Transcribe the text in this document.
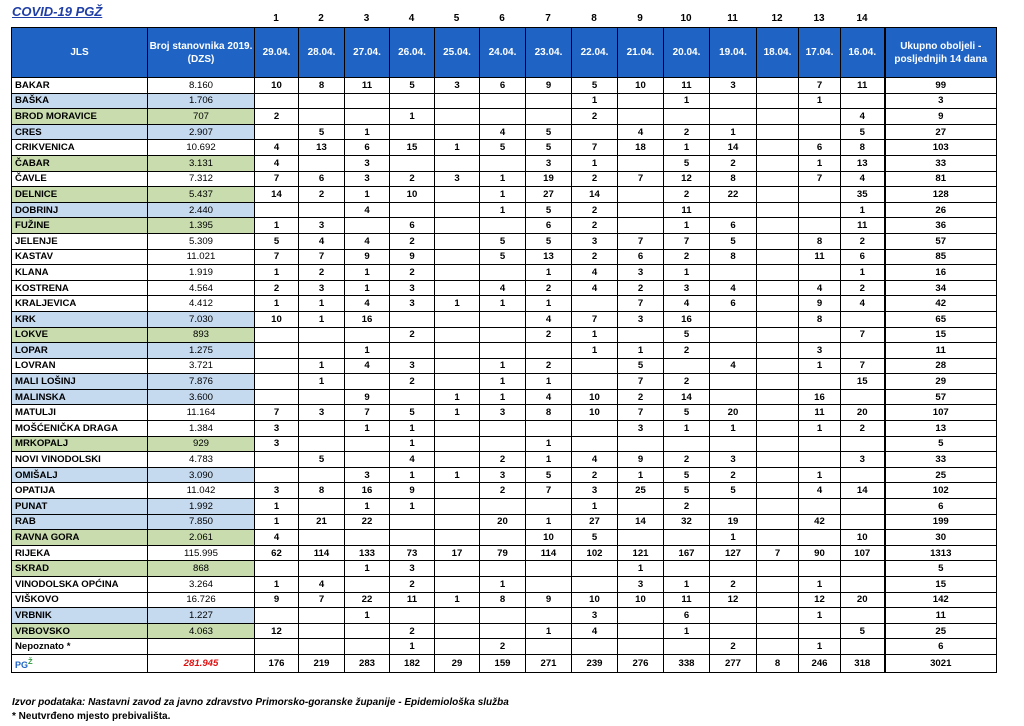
COVID-19 PGŽ	1	2	3	4	5	6	7	8	9	10	11	12	13	14
JLS	Broj stanovnika 2019. (DZS)	29.04.	28.04.	27.04.	26.04.	25.04.	24.04.	23.04.	22.04.	21.04.	20.04.	19.04.	18.04.	17.04.	16.04.	Ukupno oboljeli - posljednjih 14 dana
BAKAR	8.160	10	8	11	5	3	6	9	5	10	11	3		7	11	99
BAŠKA	1.706								1		1			1		3
BROD MORAVICE	707	2			1				2						4	9
CRES	2.907		5	1			4	5		4	2	1			5	27
CRIKVENICA	10.692	4	13	6	15	1	5	5	7	18	1	14		6	8	103
ČABAR	3.131	4		3				3	1		5	2		1	13	33
ČAVLE	7.312	7	6	3	2	3	1	19	2	7	12	8		7	4	81
DELNICE	5.437	14	2	1	10		1	27	14		2	22			35	128
DOBRINJ	2.440			4			1	5	2		11				1	26
FUŽINE	1.395	1	3		6			6	2		1	6			11	36
JELENJE	5.309	5	4	4	2		5	5	3	7	7	5		8	2	57
KASTAV	11.021	7	7	9	9		5	13	2	6	2	8		11	6	85
KLANA	1.919	1	2	1	2			1	4	3	1				1	16
KOSTRENA	4.564	2	3	1	3		4	2	4	2	3	4		4	2	34
KRALJEVICA	4.412	1	1	4	3	1	1	1		7	4	6		9	4	42
KRK	7.030	10	1	16				4	7	3	16			8		65
LOKVE	893				2			2	1		5				7	15
LOPAR	1.275			1					1	1	2			3		11
LOVRAN	3.721		1	4	3		1	2		5		4		1	7	28
MALI LOŠINJ	7.876		1		2		1	1		7	2				15	29
MALINSKA	3.600			9		1	1	4	10	2	14			16		57
MATULJI	11.164	7	3	7	5	1	3	8	10	7	5	20		11	20	107
MOŠĆENIČKA DRAGA	1.384	3		1	1					3	1	1		1	2	13
MRKOPALJ	929	3			1			1								5
NOVI VINODOLSKI	4.783		5		4		2	1	4	9	2	3			3	33
OMIŠALJ	3.090			3	1	1	3	5	2	1	5	2		1		25
OPATIJA	11.042	3	8	16	9		2	7	3	25	5	5		4	14	102
PUNAT	1.992	1		1	1				1		2					6
RAB	7.850	1	21	22			20	1	27	14	32	19		42		199
RAVNA GORA	2.061	4						10	5			1			10	30
RIJEKA	115.995	62	114	133	73	17	79	114	102	121	167	127	7	90	107	1313
SKRAD	868			1	3					1						5
VINODOLSKA OPĆINA	3.264	1	4		2		1			3	1	2		1		15
VIŠKOVO	16.726	9	7	22	11	1	8	9	10	10	11	12		12	20	142
VRBNIK	1.227			1					3		6			1		11
VRBOVSKO	4.063	12			2			1	4		1				5	25
Nepoznato *					1		2					2		1		6
$PG^Ž$	281.945	176	219	283	182	29	159	271	239	276	338	277	8	246	318	3021
Izvor podataka: Nastavni zavod za javno zdravstvo Primorsko-goranske županije - Epidemiološka služba
* Neutvrđeno mjesto prebivališta.
